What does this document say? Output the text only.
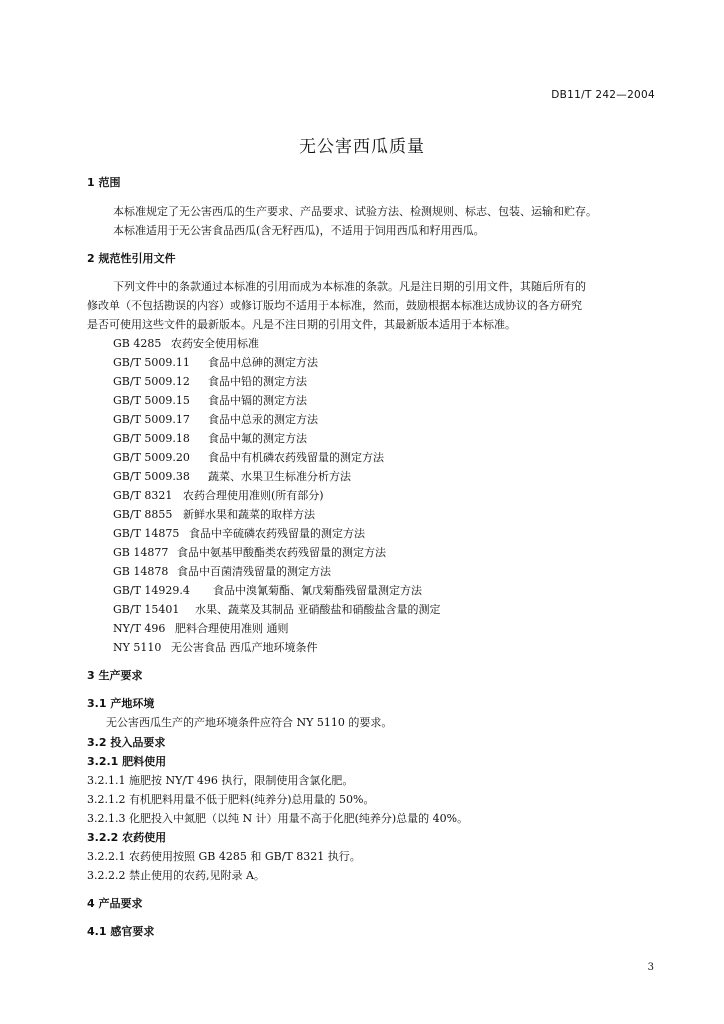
DB11/T 242—2004
无公害西瓜质量
1 范围
本标准规定了无公害西瓜的生产要求、产品要求、试验方法、检测规则、标志、包装、运输和贮存。
本标准适用于无公害食品西瓜(含无籽西瓜)，不适用于饲用西瓜和籽用西瓜。
2 规范性引用文件
下列文件中的条款通过本标准的引用而成为本标准的条款。凡是注日期的引用文件，其随后所有的
修改单（不包括勘误的内容）或修订版均不适用于本标准，然而，鼓励根据本标准达成协议的各方研究
是否可使用这些文件的最新版本。凡是不注日期的引用文件，其最新版本适用于本标准。
GB 4285 农药安全使用标准
GB/T 5009.11 食品中总砷的测定方法
GB/T 5009.12 食品中铅的测定方法
GB/T 5009.15 食品中镉的测定方法
GB/T 5009.17 食品中总汞的测定方法
GB/T 5009.18 食品中氟的测定方法
GB/T 5009.20 食品中有机磷农药残留量的测定方法
GB/T 5009.38 蔬菜、水果卫生标准分析方法
GB/T 8321 农药合理使用准则(所有部分)
GB/T 8855 新鲜水果和蔬菜的取样方法
GB/T 14875 食品中辛硫磷农药残留量的测定方法
GB 14877 食品中氨基甲酸酯类农药残留量的测定方法
GB 14878 食品中百菌清残留量的测定方法
GB/T 14929.4 食品中溴氰菊酯、氰戊菊酯残留量测定方法
GB/T 15401 水果、蔬菜及其制品 亚硝酸盐和硝酸盐含量的测定
NY/T 496 肥料合理使用准则 通则
NY 5110 无公害食品 西瓜产地环境条件
3 生产要求
3.1 产地环境
无公害西瓜生产的产地环境条件应符合 NY 5110 的要求。
3.2 投入品要求
3.2.1 肥料使用
3.2.1.1 施肥按 NY/T 496 执行，限制使用含氯化肥。
3.2.1.2 有机肥料用量不低于肥料(纯养分)总用量的 50%。
3.2.1.3 化肥投入中氮肥（以纯 N 计）用量不高于化肥(纯养分)总量的 40%。
3.2.2 农药使用
3.2.2.1 农药使用按照 GB 4285 和 GB/T 8321 执行。
3.2.2.2 禁止使用的农药,见附录 A。
4 产品要求
4.1 感官要求
3
